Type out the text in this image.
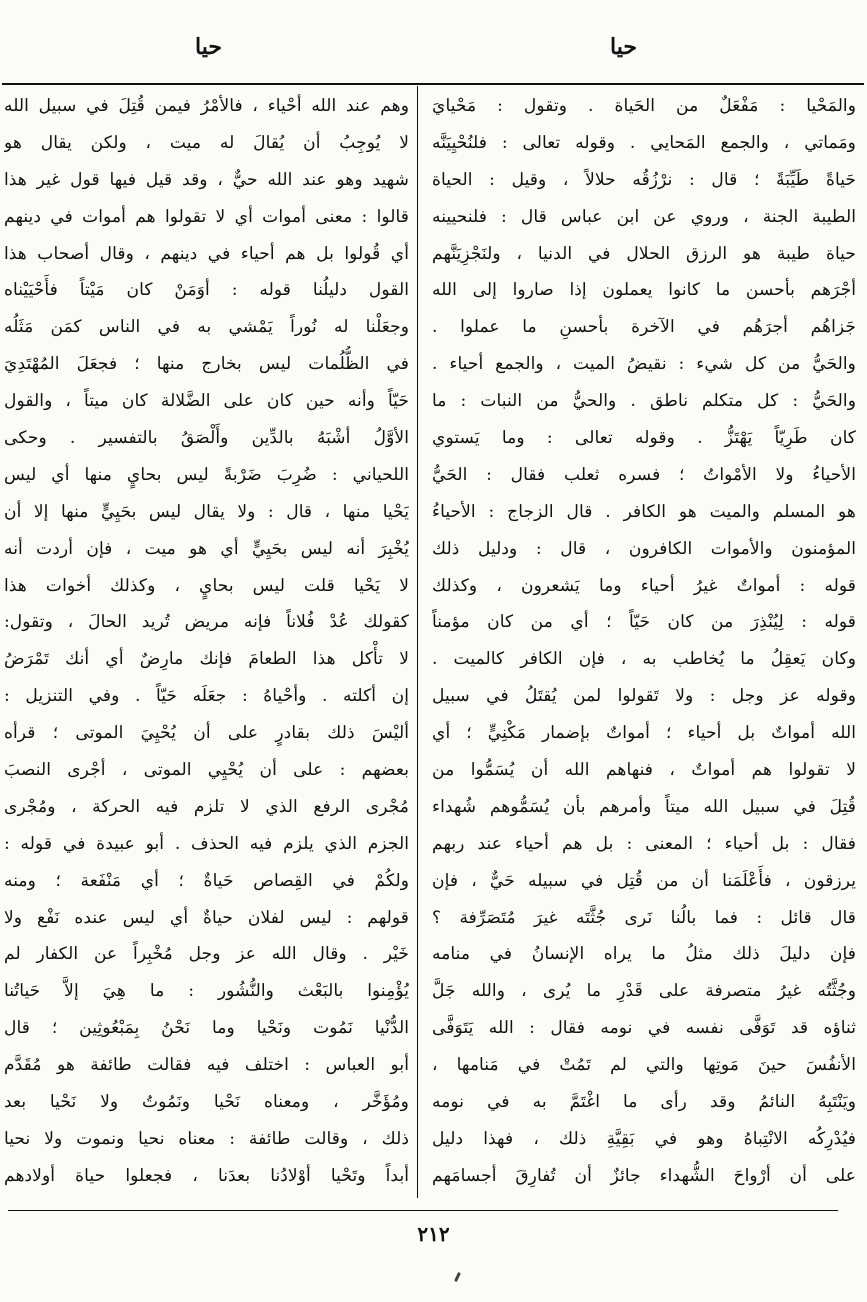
حيا	حيا
والمَحْيا : مَفْعَلٌ من الحَياة . وتقول : مَحْيايَ
ومَماتي ، والجمع المَحايي . وقوله تعالى : فلنُحْيِيَنَّه
حَياةً طَيِّبَةً ؛ قال : نرْزُقُه حلالاً ، وقيل : الحياة
الطيبة الجنة ، وروي عن ابن عباس قال : فلنحيينه
حياة طيبة هو الرزق الحلال في الدنيا ، ولنَجْزِيَنَّهم
أجْرَهم بأحسن ما كانوا يعملون إذا صاروا إلى الله
جَزاهُم أجرَهُم في الآخرة بأحسنِ ما عملوا .
والحَيُّ من كل شيء : نقيضُ الميت ، والجمع أحياء .
والحَيُّ : كل متكلم ناطق . والحيُّ من النبات : ما
كان طَرِيّاً يَهْتَزُّ . وقوله تعالى : وما يَستوي
الأحياءُ ولا الأمْواتُ ؛ فسره ثعلب فقال : الحَيُّ
هو المسلم والميت هو الكافر . قال الزجاج : الأحياءُ
المؤمنون والأموات الكافرون ، قال : ودليل ذلك
قوله : أمواتٌ غيرُ أحياء وما يَشعرون ، وكذلك
قوله : لِيُنْذِرَ من كان حَيّاً ؛ أي من كان مؤمناً
وكان يَعقِلُ ما يُخاطب به ، فإن الكافر كالميت .
وقوله عز وجل : ولا تَقولوا لمن يُقتَلُ في سبيل
الله أمواتٌ بل أحياء ؛ أمواتٌ بإضمار مَكْنِيٍّ ؛ أي
لا تقولوا هم أمواتٌ ، فنهاهم الله أن يُسَمُّوا من
قُتِلَ في سبيل الله ميتاً وأمرهم بأن يُسَمُّوهم شُهداء
فقال : بل أحياء ؛ المعنى : بل هم أحياء عند ربهم
يرزقون ، فأَعْلَمَنا أن من قُتِل في سبيله حَيٌّ ، فإن
قال قائل : فما بالُنا نَرى جُثَّتَه غيرَ مُتَصَرِّفة ؟
فإن دليلَ ذلك مثلُ ما يراه الإنسانُ في منامه
وجُثَّتُه غيرُ متصرفة على قَدْرِ ما يُرى ، والله جَلَّ
ثناؤه قد تَوَفَّى نفسه في نومه فقال : الله يَتَوَفَّى
الأنفُسَ حينَ مَوتِها والتي لم تَمُتْ في مَنامها ،
ويَنْتَبِهُ النائمُ وقد رأى ما اغْتَمَّ به في نومه
فيُدْرِكُه الانْتِباهُ وهو في بَقِيَّةِ ذلك ، فهذا دليل
على أن أرْواحَ الشُّهداء جائزٌ أن تُفارِقَ أجسامَهم
وهم عند الله أحْياء ، فالأمْرُ فيمن قُتِلَ في سبيل الله
لا يُوجِبُ أن يُقالَ له ميت ، ولكن يقال هو
شهيد وهو عند الله حيٌّ ، وقد قيل فيها قول غير هذا
قالوا : معنى أموات أي لا تقولوا هم أموات في دينهم
أي قُولوا بل هم أحياء في دينهم ، وقال أصحاب هذا
القول دليلُنا قوله : أوَمَنْ كان مَيْتاً فأَحْيَيْناه
وجعَلْنا له نُوراً يَمْشي به في الناس كمَن مَثَلُه
في الظُّلُمات ليس بخارج منها ؛ فجعَلَ المُهْتَدِيَ
حَيّاً وأنه حين كان على الضَّلالة كان ميتاً ، والقول
الأوَّلُ أشْبَهُ بالدِّين وأَلْصَقُ بالتفسير . وحكى
اللحياني : ضُرِبَ ضَرْبةً ليس بحايٍ منها أي ليس
يَحْيا منها ، قال : ولا يقال ليس بحَيِيٍّ منها إلا أن
يُخْبِرَ أنه ليس بحَيِيٍّ أي هو ميت ، فإن أردت أنه
لا يَحْيا قلت ليس بحايٍ ، وكذلك أخوات هذا
كقولك عُدْ فُلاناً فإنه مريض تُريد الحالَ ، وتقول:
لا تأْكل هذا الطعامَ فإنك مارِضٌ أي أنك تَمْرَضُ
إن أكلته . وأحْياهُ : جعَلَه حَيّاً . وفي التنزيل :
أليْسَ ذلك بقادرٍ على أن يُحْيِيَ الموتى ؛ قرأه
بعضهم : على أن يُحْيِي الموتى ، أجْرى النصبَ
مُجْرى الرفع الذي لا تلزم فيه الحركة ، ومُجْرى
الجزم الذي يلزم فيه الحذف . أبو عبيدة في قوله :
ولكُمْ في القِصاص حَياةٌ ؛ أي مَنْفَعة ؛ ومنه
قولهم : ليس لفلان حياةٌ أي ليس عنده نَفْع ولا
خَيْر . وقال الله عز وجل مُخْبِراً عن الكفار لم
يُؤْمِنوا بالبَعْث والنُّشُور : ما هِيَ إلاَّ حَياتُنا
الدُّنْيا نَمُوت ونَحْيا وما نَحْنُ بِمَبْعُوثِين ؛ قال
أبو العباس : اختلف فيه فقالت طائفة هو مُقَدَّم
ومُؤَخَّر ، ومعناه نَحْيا ونَمُوتُ ولا نَحْيا بعد
ذلك ، وقالت طائفة : معناه نحيا ونموت ولا نحيا
أبداً وتَحْيا أوْلادُنا بعدَنا ، فجعلوا حياة أولادهم
٢١٢
